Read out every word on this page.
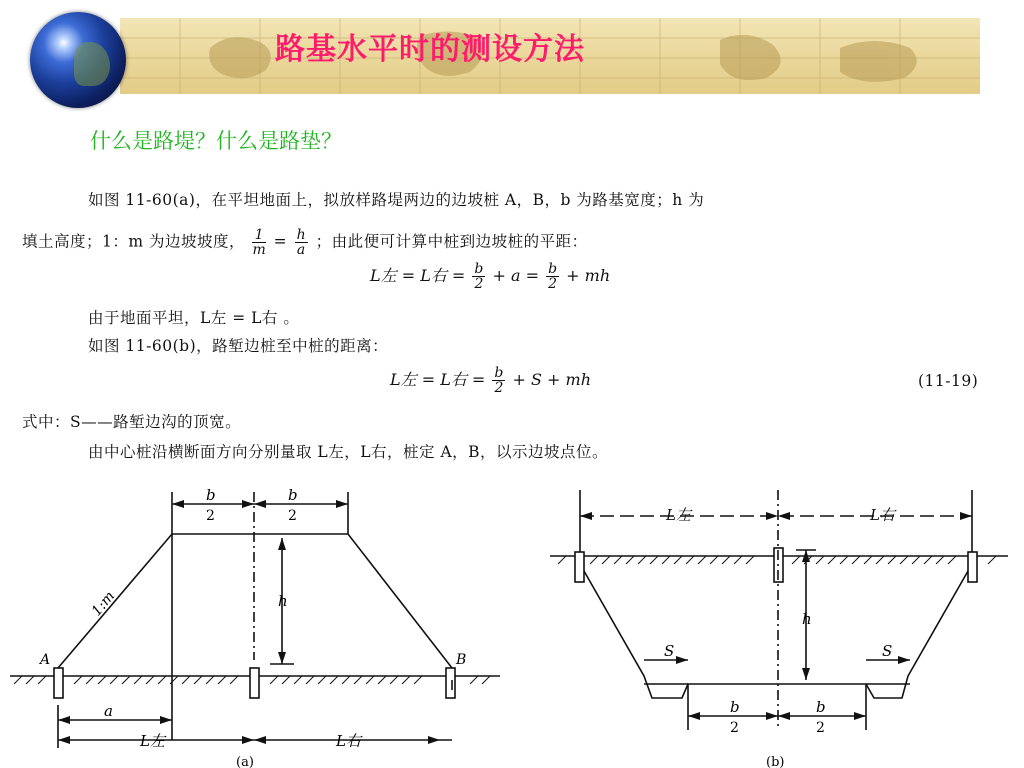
路基水平时的测设方法
什么是路堤？什么是路垫？
如图 11-60(a)，在平坦地面上，拟放样路堤两边的边坡桩 A，B，b 为路基宽度；h 为
填土高度；1：m 为边坡坡度， $\frac{1}{m} = \frac{h}{a}$ ；由此便可计算中桩到边坡桩的平距：
L左 = L右 = $\frac{b}{2} + a = \frac{b}{2}$ + mh
由于地面平坦，L左 = L右 。
如图 11-60(b)，路堑边桩至中桩的距离：
L左 = L右 = $\frac{b}{2} + S$ + mh	(11-19)
式中：S——路堑边沟的顶宽。
由中心桩沿横断面方向分别量取 L左，L右，桩定 A，B，以示边坡点位。
b
2
b
2
1:m	h
A	B
a
L左	L右
(a)
L左	L右
h
S	S
b
2
b
2
(b)
